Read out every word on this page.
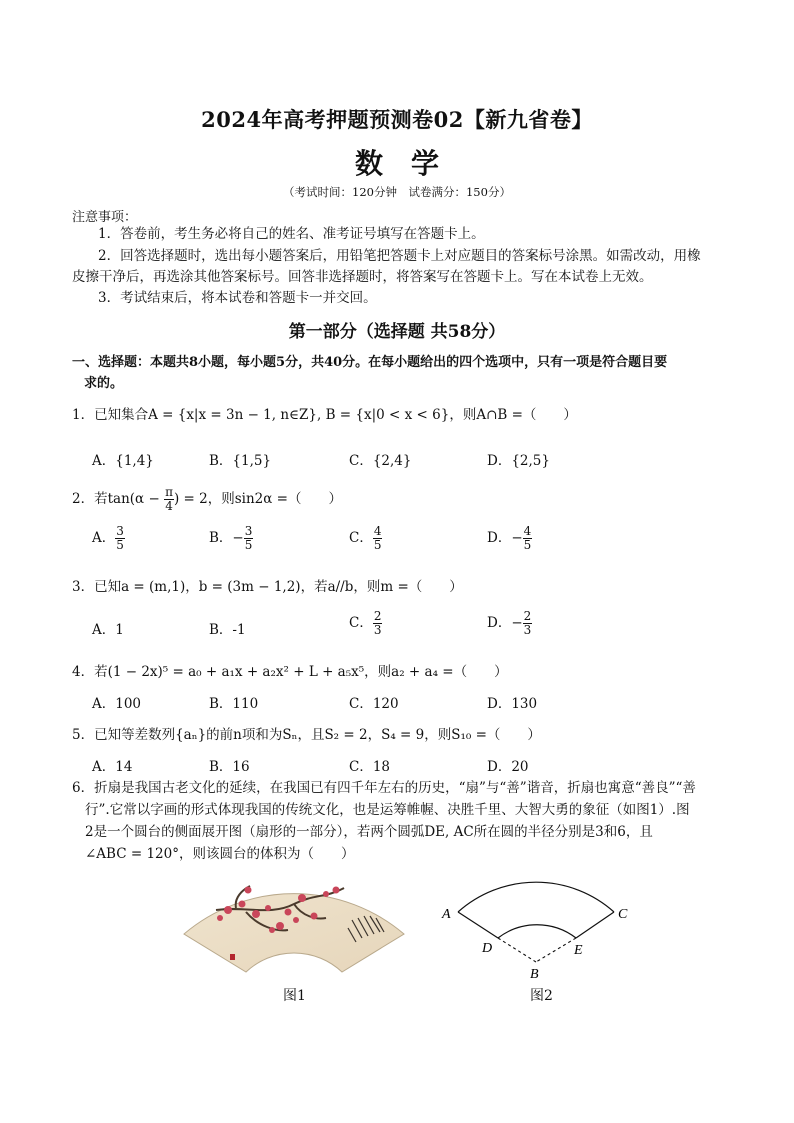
2024年高考押题预测卷02【新九省卷】
数 学
（考试时间：120分钟　试卷满分：150分）
注意事项：
1．答卷前，考生务必将自己的姓名、准考证号填写在答题卡上。
2．回答选择题时，选出每小题答案后，用铅笔把答题卡上对应题目的答案标号涂黑。如需改动，用橡
皮擦干净后，再选涂其他答案标号。回答非选择题时，将答案写在答题卡上。写在本试卷上无效。
3．考试结束后，将本试卷和答题卡一并交回。
第一部分（选择题 共58分）
一、选择题：本题共8小题，每小题5分，共40分。在每小题给出的四个选项中，只有一项是符合题目要
求的。
1．已知集合A = {x|x = 3n − 1, n∈Z}, B = {x|0 < x < 6}，则A∩B =（　　）
A．{1,4}	B．{1,5}	C．{2,4}	D．{2,5}
2．若$\tan(\alpha - \frac{\pi}{4}$ ) = 2，则sin2α =（　　）
A． $\frac{3}{5}$	B．− $\frac{3}{5}$	C． $\frac{4}{5}$	D．− $\frac{4}{5}$
3．已知a = (m,1)，b = (3m − 1,2)，若a//b，则m =（　　）
A．1	B．-1	C． $\frac{2}{3}$	D．− $\frac{2}{3}$
4．若(1 − 2x)⁵ = a₀ + a₁x + a₂x² + L + a₅x⁵，则a₂ + a₄ =（　　）
A．100	B．110	C．120	D．130
5．已知等差数列{aₙ}的前n项和为Sₙ，且S₂ = 2，S₄ = 9，则S₁₀ =（　　）
A．14	B．16	C．18	D．20
6．折扇是我国古老文化的延续，在我国已有四千年左右的历史，“扇”与“善”谐音，折扇也寓意“善良”“善
行”.它常以字画的形式体现我国的传统文化，也是运筹帷幄、决胜千里、大智大勇的象征（如图1）.图
2是一个圆台的侧面展开图（扇形的一部分），若两个圆弧DE, AC所在圆的半径分别是3和6，且
∠ABC = 120°，则该圆台的体积为（　　）
图1
A	C
D	E
B
图2
